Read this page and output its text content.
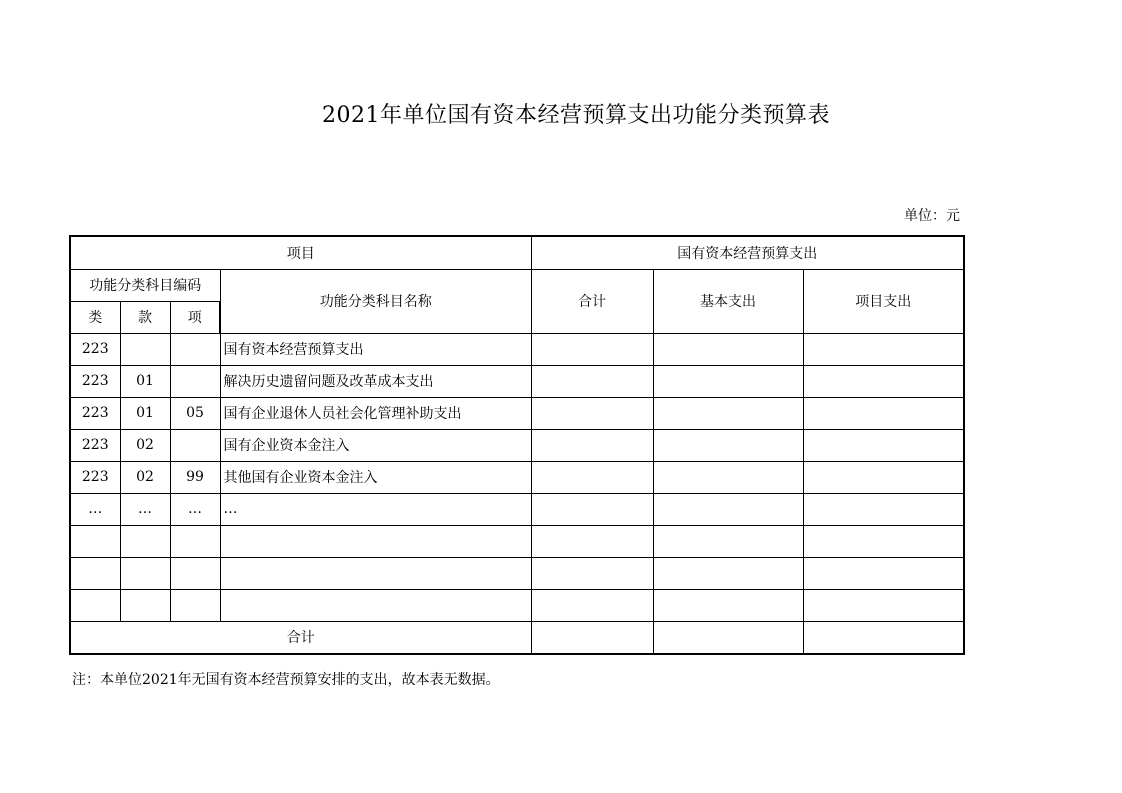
2021年单位国有资本经营预算支出功能分类预算表
单位：元
项目				国有资本经营预算支出		
功能分类科目编码			功能分类科目名称	合计	基本支出	项目支出
类	款	项				
223			国有资本经营预算支出			
223	01		解决历史遗留问题及改革成本支出			
223	01	05	国有企业退休人员社会化管理补助支出			
223	02		国有企业资本金注入			
223	02	99	其他国有企业资本金注入			
…	…	…	…			

合计						
注：本单位2021年无国有资本经营预算安排的支出，故本表无数据。
